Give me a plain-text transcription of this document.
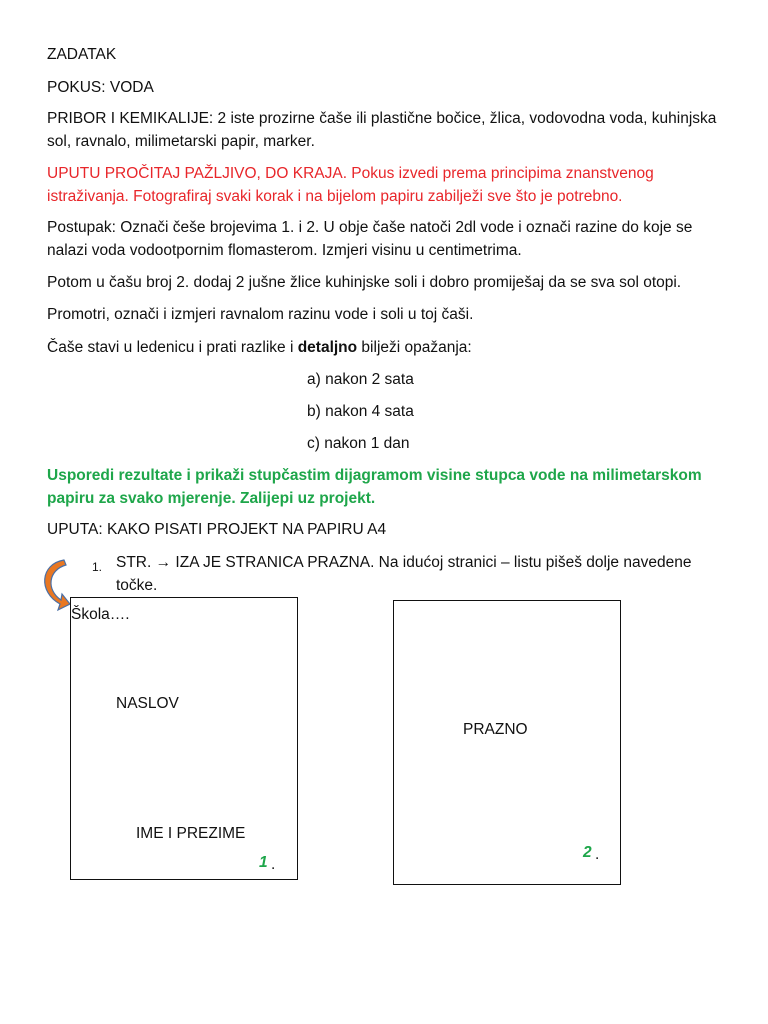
ZADATAK

POKUS: VODA

PRIBOR I KEMIKALIJE: 2 iste prozirne čaše ili plastične bočice, žlica, vodovodna voda, kuhinjska sol, ravnalo, milimetarski papir, marker.

UPUTU PROČITAJ PAŽLJIVO, DO KRAJA. Pokus izvedi prema principima znanstvenog istraživanja. Fotografiraj svaki korak i na bijelom papiru zabilježi sve što je potrebno.

Postupak: Označi češe brojevima 1. i 2. U obje čaše natoči 2dl vode i označi razine do koje se nalazi voda vodootpornim flomasterom. Izmjeri visinu u centimetrima.

Potom u čašu broj 2. dodaj 2 jušne žlice kuhinjske soli i dobro promiješaj da se sva sol otopi.

Promotri, označi i izmjeri ravnalom razinu vode i soli u toj čaši.

Čaše stavi u ledenicu i prati razlike i detaljno bilježi opažanja:

a) nakon 2 sata

b) nakon 4 sata

c) nakon 1 dan

Usporedi rezultate i prikaži stupčastim dijagramom visine stupca vode na milimetarskom papiru za svako mjerenje. Zalijepi uz projekt.

UPUTA: KAKO PISATI PROJEKT NA PAPIRU A4

1. STR. → IZA JE STRANICA PRAZNA. Na idućoj stranici – listu pišeš dolje navedene točke.
Škola….
NASLOV
IME I PREZIME
1 .
PRAZNO
2 .
